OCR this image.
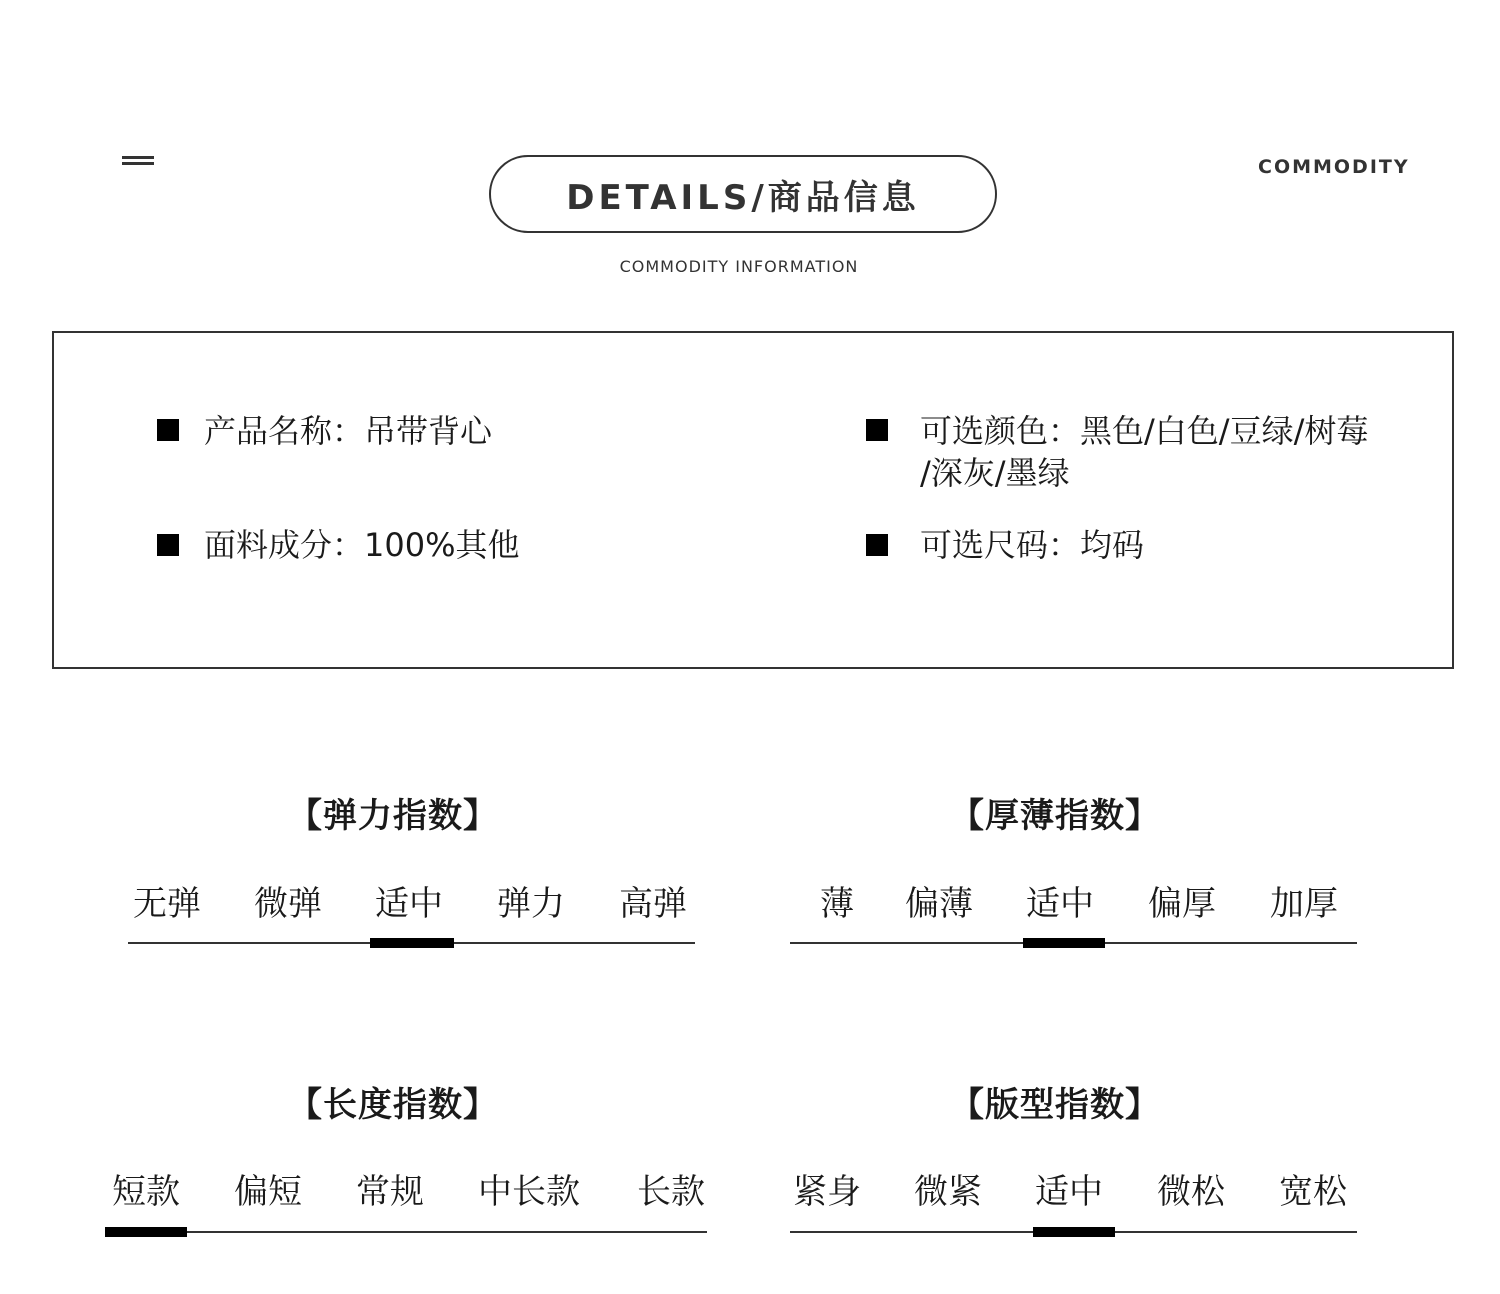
DETAILS/商品信息
COMMODITY INFORMATION
COMMODITY
产品名称：吊带背心	可选颜色：黑色/白色/豆绿/树莓
/深灰/墨绿
面料成分：100%其他	可选尺码：均码
【弹力指数】
无弹 微弹 适中 弹力 高弹
【厚薄指数】
薄 偏薄 适中 偏厚 加厚
【长度指数】
短款 偏短 常规 中长款 长款
【版型指数】
紧身 微紧 适中 微松 宽松
